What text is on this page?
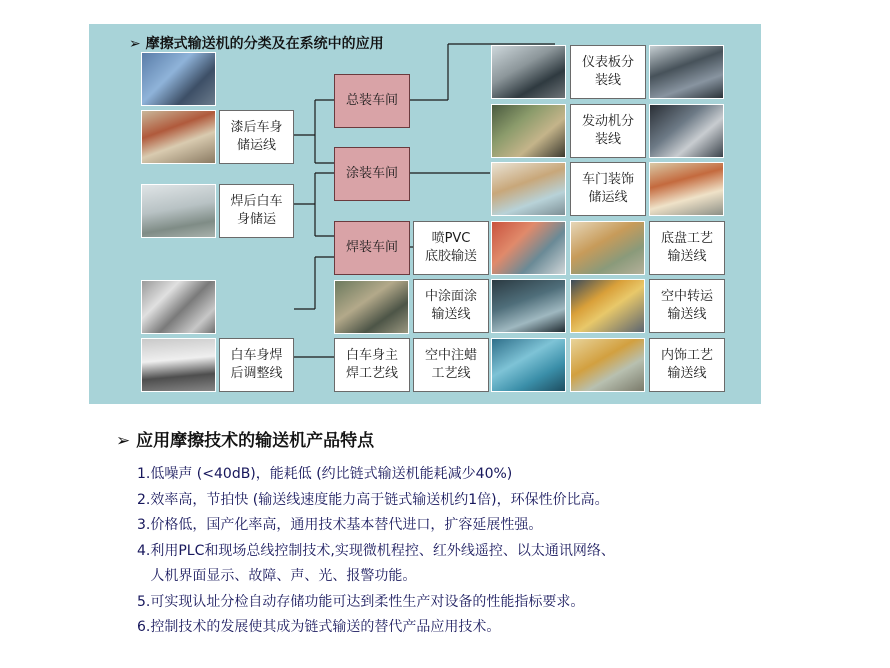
➢ 摩擦式输送机的分类及在系统中的应用
总装车间
涂装车间
焊装车间
漆后车身
储运线
焊后白车
身储运
白车身焊
后调整线
白车身主
焊工艺线
喷PVC
底胶输送
中涂面涂
输送线
空中注蜡
工艺线
仪表板分
装线
发动机分
装线
车门装饰
储运线
底盘工艺
输送线
空中转运
输送线
内饰工艺
输送线
➢ 应用摩擦技术的输送机产品特点
1.低噪声 (<40dB)，能耗低 (约比链式输送机能耗减少40%)
2.效率高，节拍快 (输送线速度能力高于链式输送机约1倍)，环保性价比高。
3.价格低，国产化率高，通用技术基本替代进口，扩容延展性强。
4.利用PLC和现场总线控制技术,实现微机程控、红外线遥控、以太通讯网络、
人机界面显示、故障、声、光、报警功能。
5.可实现认址分检自动存储功能可达到柔性生产对设备的性能指标要求。
6.控制技术的发展使其成为链式输送的替代产品应用技术。
